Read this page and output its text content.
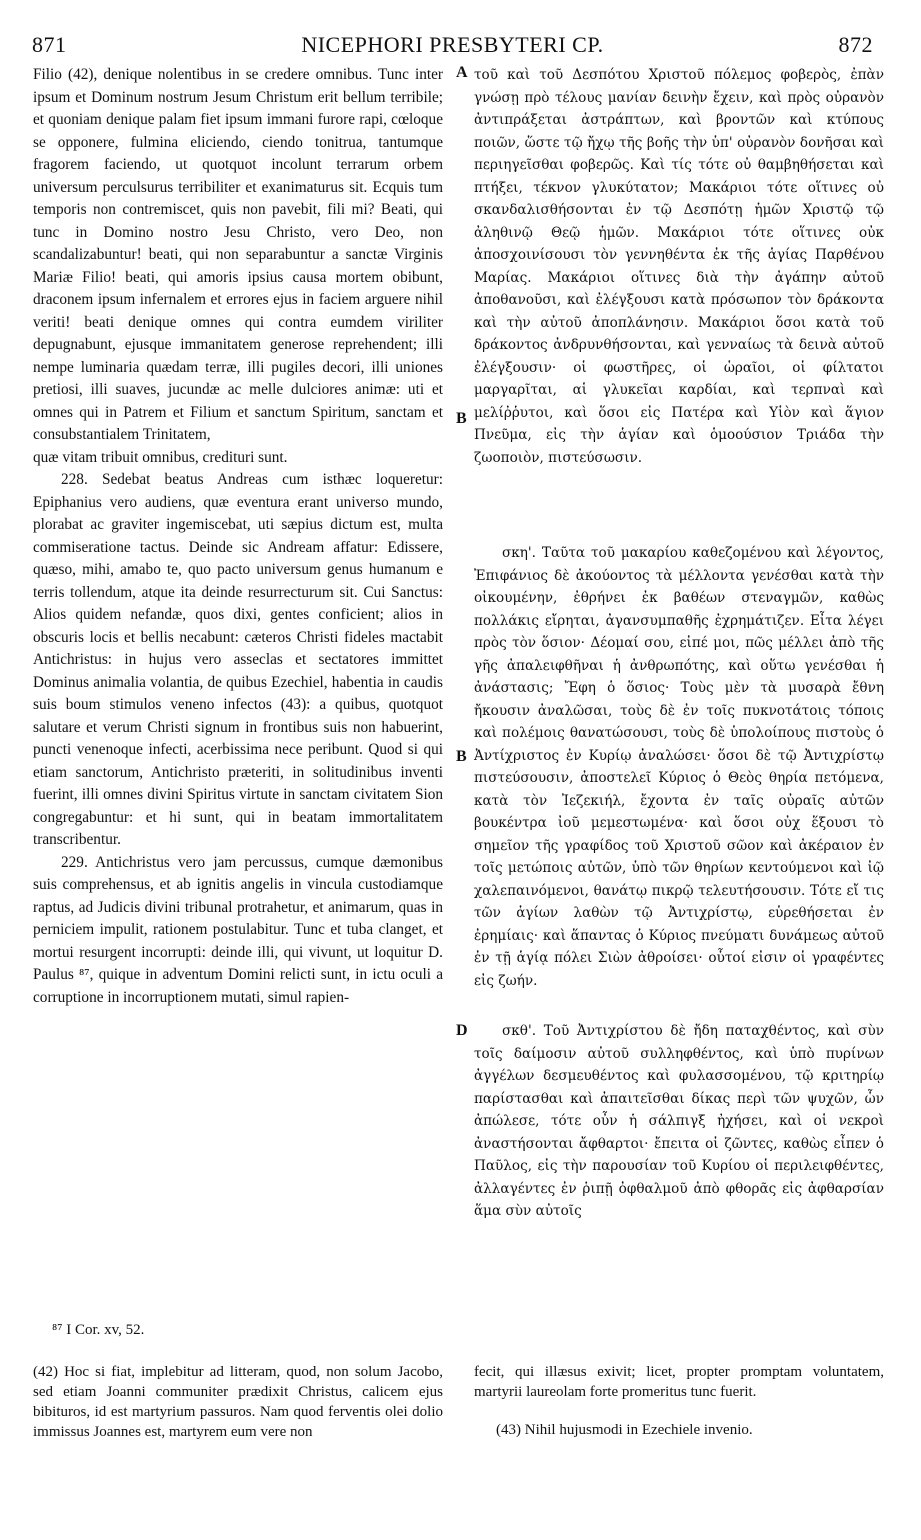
871	NICEPHORI PRESBYTERI CP.	872

Filio (42), denique nolentibus in se credere omnibus. Tunc inter ipsum et Dominum nostrum Jesum Christum erit bellum terribile; et quoniam denique palam fiet ipsum immani furore rapi, cœloque se opponere, fulmina eliciendo, ciendo tonitrua, tantumque fragorem faciendo, ut quotquot incolunt terrarum orbem universum perculsurus terribiliter et exanimaturus sit. Ecquis tum temporis non contremiscet, quis non pavebit, fili mi? Beati, qui tunc in Domino nostro Jesu Christo, vero Deo, non scandalizabuntur! beati, qui non separabuntur a sanctæ Virginis Mariæ Filio! beati, qui amoris ipsius causa mortem obibunt, draconem ipsum infernalem et errores ejus in faciem arguere nihil veriti! beati denique omnes qui contra eumdem viriliter depugnabunt, ejusque immanitatem generose reprehendent; illi nempe luminaria quædam terræ, illi pugiles decori, illi uniones pretiosi, illi suaves, jucundæ ac melle dulciores animæ: uti et omnes qui in Patrem et Filium et sanctum Spiritum, sanctam et consubstantialem Trinitatem,

quæ vitam tribuit omnibus, crediturі sunt.

228. Sedebat beatus Andreas cum isthæc loqueretur: Epiphanius vero audiens, quæ eventura erant universo mundo, plorabat ac graviter ingemiscebat, uti sæpius dictum est, multa commiseratione tactus. Deinde sic Andream affatur: Edissere, quæso, mihi, amabo te, quo pacto universum genus humanum e terris tollendum, atque ita deinde resurrecturum sit. Cui Sanctus: Alios quidem nefandæ, quos dixi, gentes conficient; alios in obscuris locis et bellis necabunt: cæteros Christi fideles mactabit Antichristus: in hujus vero asseclas et sectatores immittet Dominus animalia volantia, de quibus Ezechiel, habentia in caudis suis boum stimulos veneno infectos (43): a quibus, quotquot salutare et verum Christi signum in frontibus suis non habuerint, puncti venenoque infecti, acerbissima nece peribunt. Quod si qui etiam sanctorum, Antichristo præteriti, in solitudinibus inventi fuerint, illi omnes divini Spiritus virtute in sanctam civitatem Sion congregabuntur: et hi sunt, qui in beatam immortalitatem transcribentur.

229. Antichristus vero jam percussus, cumque dæmonibus suis comprehensus, et ab ignitis angelis in vincula custodiamque raptus, ad Judicis divini tribunal protrahetur, et animarum, quas in perniciem impulit, rationem postulabitur. Tunc et tuba clanget, et mortui resurgent incorrupti: deinde illi, qui vivunt, ut loquitur D. Paulus ⁸⁷, quique in adventum Domini relicti sunt, in ictu oculi a corruptione in incorruptionem mutati, simul rapien-

A
B
B
D

τοῦ καὶ τοῦ Δεσπότου Χριστοῦ πόλεμος φοβερὸς, ἐπὰν γνώσῃ πρὸ τέλους μανίαν δεινὴν ἔχειν, καὶ πρὸς οὐρανὸν ἀντιπράξεται ἀστράπτων, καὶ βροντῶν καὶ κτύπους ποιῶν, ὥστε τῷ ἤχῳ τῆς βοῆς τὴν ὑπ' οὐρανὸν δονῆσαι καὶ περιηγεῖσθαι φοβερῶς. Καὶ τίς τότε οὐ θαμβηθήσεται καὶ πτήξει, τέκνον γλυκύτατον; Μακάριοι τότε οἵτινες οὐ σκανδαλισθήσονται ἐν τῷ Δεσπότῃ ἡμῶν Χριστῷ τῷ ἀληθινῷ Θεῷ ἡμῶν. Μακάριοι τότε οἵτινες οὐκ ἀποσχοινίσουσι τὸν γεννηθέντα ἐκ τῆς ἁγίας Παρθένου Μαρίας. Μακάριοι οἵτινες διὰ τὴν ἀγάπην αὐτοῦ ἀποθανοῦσι, καὶ ἐλέγξουσι κατὰ πρόσωπον τὸν δράκοντα καὶ τὴν αὐτοῦ ἀποπλάνησιν. Μακάριοι ὅσοι κατὰ τοῦ δράκοντος ἀνδρυνθήσονται, καὶ γενναίως τὰ δεινὰ αὐτοῦ ἐλέγξουσιν· οἱ φωστῆρες, οἱ ὡραῖοι, οἱ φίλτατοι μαργαρῖται, αἱ γλυκεῖαι καρδίαι, καὶ τερπναὶ καὶ μελίῤῥυτοι, καὶ ὅσοι εἰς Πατέρα καὶ Υἱὸν καὶ ἅγιον Πνεῦμα, εἰς τὴν ἁγίαν καὶ ὁμοούσιον Τριάδα τὴν ζωοποιὸν, πιστεύσωσιν.

σκη'. Ταῦτα τοῦ μακαρίου καθεζομένου καὶ λέγοντος, Ἐπιφάνιος δὲ ἀκούοντος τὰ μέλλοντα γενέσθαι κατὰ τὴν οἰκουμένην, ἐθρήνει ἐκ βαθέων στεναγμῶν, καθὼς πολλάκις εἴρηται, ἀγανσυμπαθῆς ἐχρημάτιζεν. Εἶτα λέγει πρὸς τὸν ὅσιον· Δέομαί σου, εἰπέ μοι, πῶς μέλλει ἀπὸ τῆς γῆς ἀπαλειφθῆναι ἡ ἀνθρωπότης, καὶ οὕτω γενέσθαι ἡ ἀνάστασις; Ἔφη ὁ ὅσιος· Τοὺς μὲν τὰ μυσαρὰ ἔθνη ἤκουσιν ἀναλῶσαι, τοὺς δὲ ἐν τοῖς πυκνοτάτοις τόποις καὶ πολέμοις θανατώσουσι, τοὺς δὲ ὑπολοίπους πιστοὺς ὁ Ἀντίχριστος ἐν Κυρίῳ ἀναλώσει· ὅσοι δὲ τῷ Ἀντιχρίστῳ πιστεύσουσιν, ἀποστελεῖ Κύριος ὁ Θεὸς θηρία πετόμενα, κατὰ τὸν Ἰεζεκιήλ, ἔχοντα ἐν ταῖς οὐραῖς αὐτῶν βουκέντρα ἰοῦ μεμεστωμένα· καὶ ὅσοι οὐχ ἕξουσι τὸ σημεῖον τῆς γραφίδος τοῦ Χριστοῦ σῶον καὶ ἀκέραιον ἐν τοῖς μετώποις αὐτῶν, ὑπὸ τῶν θηρίων κεντούμενοι καὶ ἰῷ χαλεπαινόμενοι, θανάτῳ πικρῷ τελευτήσουσιν. Τότε εἴ τις τῶν ἁγίων λαθὼν τῷ Ἀντιχρίστῳ, εὑρεθήσεται ἐν ἐρημίαις· καὶ ἅπαντας ὁ Κύριος πνεύματι δυνάμεως αὐτοῦ ἐν τῇ ἁγίᾳ πόλει Σιὼν ἀθροίσει· οὗτοί εἰσιν οἱ γραφέντες εἰς ζωήν.

σκθ'. Τοῦ Ἀντιχρίστου δὲ ἤδη παταχθέντος, καὶ σὺν τοῖς δαίμοσιν αὐτοῦ συλληφθέντος, καὶ ὑπὸ πυρίνων ἀγγέλων δεσμευθέντος καὶ φυλασσομένου, τῷ κριτηρίῳ παρίστασθαι καὶ ἀπαιτεῖσθαι δίκας περὶ τῶν ψυχῶν, ὧν ἀπώλεσε, τότε οὖν ἡ σάλπιγξ ἠχήσει, καὶ οἱ νεκροὶ ἀναστήσονται ἄφθαρτοι· ἔπειτα οἱ ζῶντες, καθὼς εἶπεν ὁ Παῦλος, εἰς τὴν παρουσίαν τοῦ Κυρίου οἱ περιλειφθέντες, ἀλλαγέντες ἐν ῥιπῇ ὀφθαλμοῦ ἀπὸ φθορᾶς εἰς ἀφθαρσίαν ἅμα σὺν αὐτοῖς

⁸⁷ I Cor. xv, 52.
(42) Hoc si fiat, implebitur ad litteram, quod, non solum Jacobo, sed etiam Joanni communiter prædixit Christus, calicem ejus bibituros, id est martyrium passuros. Nam quod ferventis olei dolio immissus Joannes est, martyrem eum vere non
fecit, qui illæsus exivit; licet, propter promptam voluntatem, martyrii laureolam forte promeritus tunc fuerit.
(43) Nihil hujusmodi in Ezechiele invenio.
